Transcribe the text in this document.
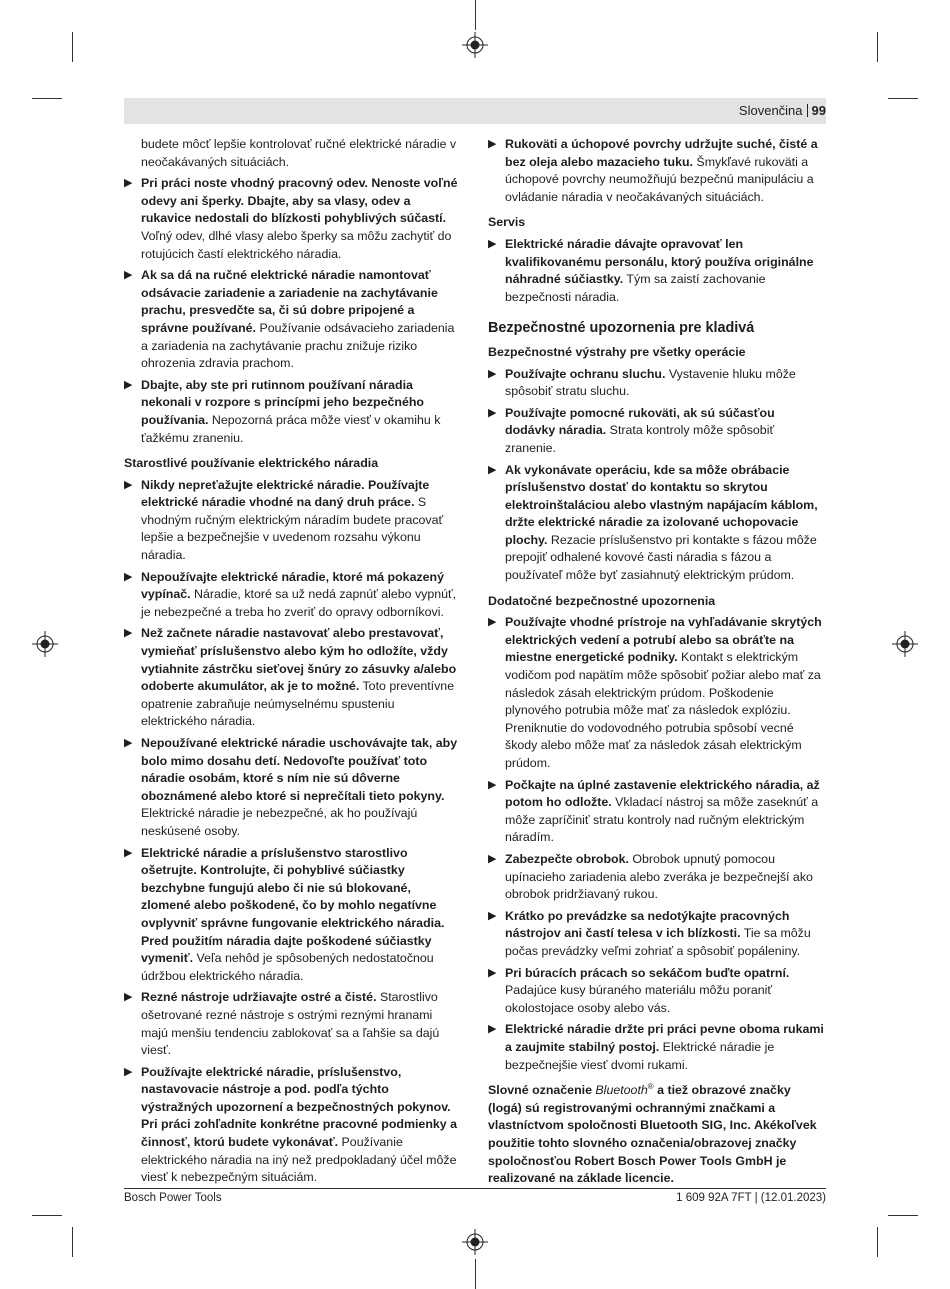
Slovenčina 99
budete môcť lepšie kontrolovať ručné elektrické náradie v neočakávaných situáciách.
▶ Pri práci noste vhodný pracovný odev. Nenoste voľné odevy ani šperky. Dbajte, aby sa vlasy, odev a rukavice nedostali do blízkosti pohyblivých súčastí. Voľný odev, dlhé vlasy alebo šperky sa môžu zachytiť do rotujúcich častí elektrického náradia.
▶ Ak sa dá na ručné elektrické náradie namontovať odsávacie zariadenie a zariadenie na zachytávanie prachu, presvedčte sa, či sú dobre pripojené a správne používané. Používanie odsávacieho zariadenia a zariadenia na zachytávanie prachu znižuje riziko ohrozenia zdravia prachom.
▶ Dbajte, aby ste pri rutinnom používaní náradia nekonali v rozpore s princípmi jeho bezpečného používania. Nepozorná práca môže viesť v okamihu k ťažkému zraneniu.
Starostlivé používanie elektrického náradia
▶ Nikdy nepreťažujte elektrické náradie. Používajte elektrické náradie vhodné na daný druh práce. S vhodným ručným elektrickým náradím budete pracovať lepšie a bezpečnejšie v uvedenom rozsahu výkonu náradia.
▶ Nepoužívajte elektrické náradie, ktoré má pokazený vypínač. Náradie, ktoré sa už nedá zapnúť alebo vypnúť, je nebezpečné a treba ho zveriť do opravy odborníkovi.
▶ Než začnete náradie nastavovať alebo prestavovať, vymieňať príslušenstvo alebo kým ho odložíte, vždy vytiahnite zástrčku sieťovej šnúry zo zásuvky a/alebo odoberte akumulátor, ak je to možné. Toto preventívne opatrenie zabraňuje neúmyselnému spusteniu elektrického náradia.
▶ Nepoužívané elektrické náradie uschovávajte tak, aby bolo mimo dosahu detí. Nedovoľte používať toto náradie osobám, ktoré s ním nie sú dôverne oboznámené alebo ktoré si neprečítali tieto pokyny. Elektrické náradie je nebezpečné, ak ho používajú neskúsené osoby.
▶ Elektrické náradie a príslušenstvo starostlivo ošetrujte. Kontrolujte, či pohyblivé súčiastky bezchybne fungujú alebo či nie sú blokované, zlomené alebo poškodené, čo by mohlo negatívne ovplyvniť správne fungovanie elektrického náradia. Pred použitím náradia dajte poškodené súčiastky vymeniť. Veľa nehôd je spôsobených nedostatočnou údržbou elektrického náradia.
▶ Rezné nástroje udržiavajte ostré a čisté. Starostlivo ošetrované rezné nástroje s ostrými reznými hranami majú menšiu tendenciu zablokovať sa a ľahšie sa dajú viesť.
▶ Používajte elektrické náradie, príslušenstvo, nastavovacie nástroje a pod. podľa týchto výstražných upozornení a bezpečnostných pokynov. Pri práci zohľadnite konkrétne pracovné podmienky a činnosť, ktorú budete vykonávať. Používanie elektrického náradia na iný než predpokladaný účel môže viesť k nebezpečným situáciám.
▶ Rukoväti a úchopové povrchy udržujte suché, čisté a bez oleja alebo mazacieho tuku. Šmykľavé rukoväti a úchopové povrchy neumožňujú bezpečnú manipuláciu a ovládanie náradia v neočakávaných situáciách.
Servis
▶ Elektrické náradie dávajte opravovať len kvalifikovanému personálu, ktorý používa originálne náhradné súčiastky. Tým sa zaistí zachovanie bezpečnosti náradia.
Bezpečnostné upozornenia pre kladivá
Bezpečnostné výstrahy pre všetky operácie
▶ Používajte ochranu sluchu. Vystavenie hluku môže spôsobiť stratu sluchu.
▶ Používajte pomocné rukoväti, ak sú súčasťou dodávky náradia. Strata kontroly môže spôsobiť zranenie.
▶ Ak vykonávate operáciu, kde sa môže obrábacie príslušenstvo dostať do kontaktu so skrytou elektroinštaláciou alebo vlastným napájacím káblom, držte elektrické náradie za izolované uchopovacie plochy. Rezacie príslušenstvo pri kontakte s fázou môže prepojiť odhalené kovové časti náradia s fázou a používateľ môže byť zasiahnutý elektrickým prúdom.
Dodatočné bezpečnostné upozornenia
▶ Používajte vhodné prístroje na vyhľadávanie skrytých elektrických vedení a potrubí alebo sa obráťte na miestne energetické podniky. Kontakt s elektrickým vodičom pod napätím môže spôsobiť požiar alebo mať za následok zásah elektrickým prúdom. Poškodenie plynového potrubia môže mať za následok explóziu. Preniknutie do vodovodného potrubia spôsobí vecné škody alebo môže mať za následok zásah elektrickým prúdom.
▶ Počkajte na úplné zastavenie elektrického náradia, až potom ho odložte. Vkladací nástroj sa môže zaseknúť a môže zapríčiniť stratu kontroly nad ručným elektrickým náradím.
▶ Zabezpečte obrobok. Obrobok upnutý pomocou upínacieho zariadenia alebo zveráka je bezpečnejší ako obrobok pridržiavaný rukou.
▶ Krátko po prevádzke sa nedotýkajte pracovných nástrojov ani častí telesa v ich blízkosti. Tie sa môžu počas prevádzky veľmi zohriať a spôsobiť popáleniny.
▶ Pri búracích prácach so sekáčom buďte opatrní. Padajúce kusy búraného materiálu môžu poraniť okolostojace osoby alebo vás.
▶ Elektrické náradie držte pri práci pevne oboma rukami a zaujmite stabilný postoj. Elektrické náradie je bezpečnejšie viesť dvomi rukami.
Slovné označenie Bluetooth® a tiež obrazové značky (logá) sú registrovanými ochrannými značkami a vlastníctvom spoločnosti Bluetooth SIG, Inc. Akékoľvek použitie tohto slovného označenia/obrazovej značky spoločnosťou Robert Bosch Power Tools GmbH je realizované na základe licencie.
Bosch Power Tools	1 609 92A 7FT | (12.01.2023)
